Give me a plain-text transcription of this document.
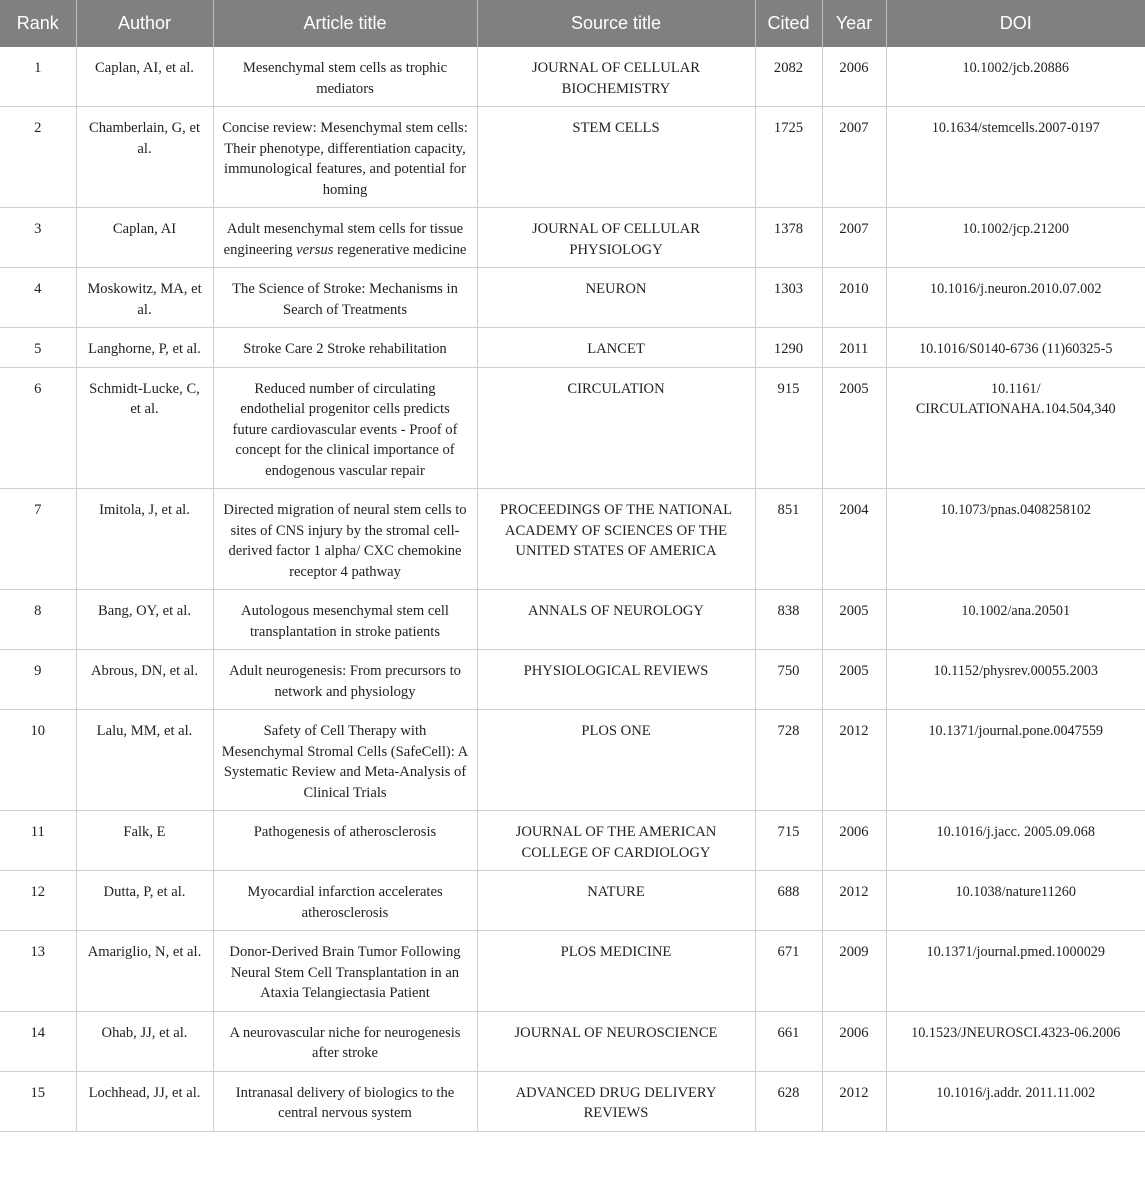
Rank	Author	Article title	Source title	Cited	Year	DOI
1	Caplan, AI, et al.	Mesenchymal stem cells as trophic mediators	JOURNAL OF CELLULAR BIOCHEMISTRY	2082	2006	10.1002/jcb.20886
2	Chamberlain, G, et al.	Concise review: Mesenchymal stem cells: Their phenotype, differentiation capacity, immunological features, and potential for homing	STEM CELLS	1725	2007	10.1634/stemcells.2007-0197
3	Caplan, AI	Adult mesenchymal stem cells for tissue engineering versus regenerative medicine	JOURNAL OF CELLULAR PHYSIOLOGY	1378	2007	10.1002/jcp.21200
4	Moskowitz, MA, et al.	The Science of Stroke: Mechanisms in Search of Treatments	NEURON	1303	2010	10.1016/j.neuron.2010.07.002
5	Langhorne, P, et al.	Stroke Care 2 Stroke rehabilitation	LANCET	1290	2011	10.1016/S0140-6736 (11)60325-5
6	Schmidt-Lucke, C, et al.	Reduced number of circulating endothelial progenitor cells predicts future cardiovascular events - Proof of concept for the clinical importance of endogenous vascular repair	CIRCULATION	915	2005	10.1161/ CIRCULATIONAHA.104.504,340
7	Imitola, J, et al.	Directed migration of neural stem cells to sites of CNS injury by the stromal cell-derived factor 1 alpha/ CXC chemokine receptor 4 pathway	PROCEEDINGS OF THE NATIONAL ACADEMY OF SCIENCES OF THE UNITED STATES OF AMERICA	851	2004	10.1073/pnas.0408258102
8	Bang, OY, et al.	Autologous mesenchymal stem cell transplantation in stroke patients	ANNALS OF NEUROLOGY	838	2005	10.1002/ana.20501
9	Abrous, DN, et al.	Adult neurogenesis: From precursors to network and physiology	PHYSIOLOGICAL REVIEWS	750	2005	10.1152/physrev.00055.2003
10	Lalu, MM, et al.	Safety of Cell Therapy with Mesenchymal Stromal Cells (SafeCell): A Systematic Review and Meta-Analysis of Clinical Trials	PLOS ONE	728	2012	10.1371/journal.pone.0047559
11	Falk, E	Pathogenesis of atherosclerosis	JOURNAL OF THE AMERICAN COLLEGE OF CARDIOLOGY	715	2006	10.1016/j.jacc. 2005.09.068
12	Dutta, P, et al.	Myocardial infarction accelerates atherosclerosis	NATURE	688	2012	10.1038/nature11260
13	Amariglio, N, et al.	Donor-Derived Brain Tumor Following Neural Stem Cell Transplantation in an Ataxia Telangiectasia Patient	PLOS MEDICINE	671	2009	10.1371/journal.pmed.1000029
14	Ohab, JJ, et al.	A neurovascular niche for neurogenesis after stroke	JOURNAL OF NEUROSCIENCE	661	2006	10.1523/JNEUROSCI.4323-06.2006
15	Lochhead, JJ, et al.	Intranasal delivery of biologics to the central nervous system	ADVANCED DRUG DELIVERY REVIEWS	628	2012	10.1016/j.addr. 2011.11.002
